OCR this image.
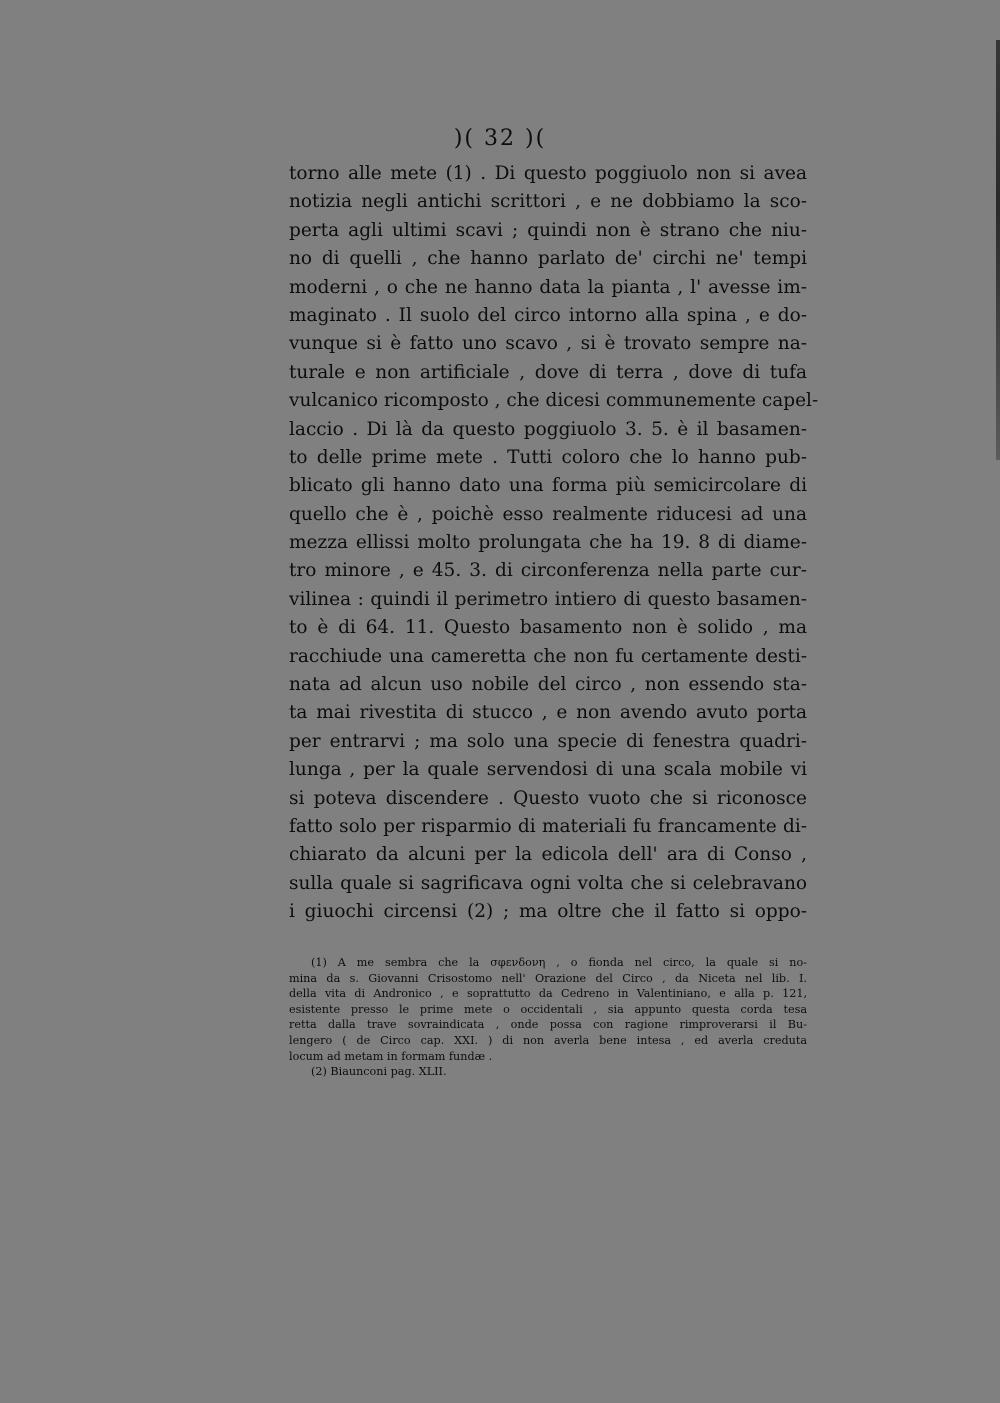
)( 32 )(
torno alle mete (1) . Di questo poggiuolo non si avea
notizia negli antichi scrittori , e ne dobbiamo la sco-
perta agli ultimi scavi ; quindi non è strano che niu-
no di quelli , che hanno parlato de' circhi ne' tempi
moderni , o che ne hanno data la pianta , l' avesse im-
maginato . Il suolo del circo intorno alla spina , e do-
vunque si è fatto uno scavo , si è trovato sempre na-
turale e non artificiale , dove di terra , dove di tufa
vulcanico ricomposto , che dicesi communemente capel-
laccio . Di là da questo poggiuolo 3. 5. è il basamen-
to delle prime mete . Tutti coloro che lo hanno pub-
blicato gli hanno dato una forma più semicircolare di
quello che è , poichè esso realmente riducesi ad una
mezza ellissi molto prolungata che ha 19. 8 di diame-
tro minore , e 45. 3. di circonferenza nella parte cur-
vilinea : quindi il perimetro intiero di questo basamen-
to è di 64. 11. Questo basamento non è solido , ma
racchiude una cameretta che non fu certamente desti-
nata ad alcun uso nobile del circo , non essendo sta-
ta mai rivestita di stucco , e non avendo avuto porta
per entrarvi ; ma solo una specie di fenestra quadri-
lunga , per la quale servendosi di una scala mobile vi
si poteva discendere . Questo vuoto che si riconosce
fatto solo per risparmio di materiali fu francamente di-
chiarato da alcuni per la edicola dell' ara di Conso ,
sulla quale si sagrificava ogni volta che si celebravano
i giuochi circensi (2) ; ma oltre che il fatto si oppo-
(1) A me sembra che la σφενδονη , o fionda nel circo, la quale si no-
mina da s. Giovanni Crisostomo nell' Orazione del Circo , da Niceta nel lib. I.
della vita di Andronico , e soprattutto da Cedreno in Valentiniano, e alla p. 121,
esistente presso le prime mete o occidentali , sia appunto questa corda tesa
retta dalla trave sovraindicata , onde possa con ragione rimproverarsi il Bu-
lengero ( de Circo cap. XXI. ) di non averla bene intesa , ed averla creduta
locum ad metam in formam fundæ .
(2) Biaunconi pag. XLII.
